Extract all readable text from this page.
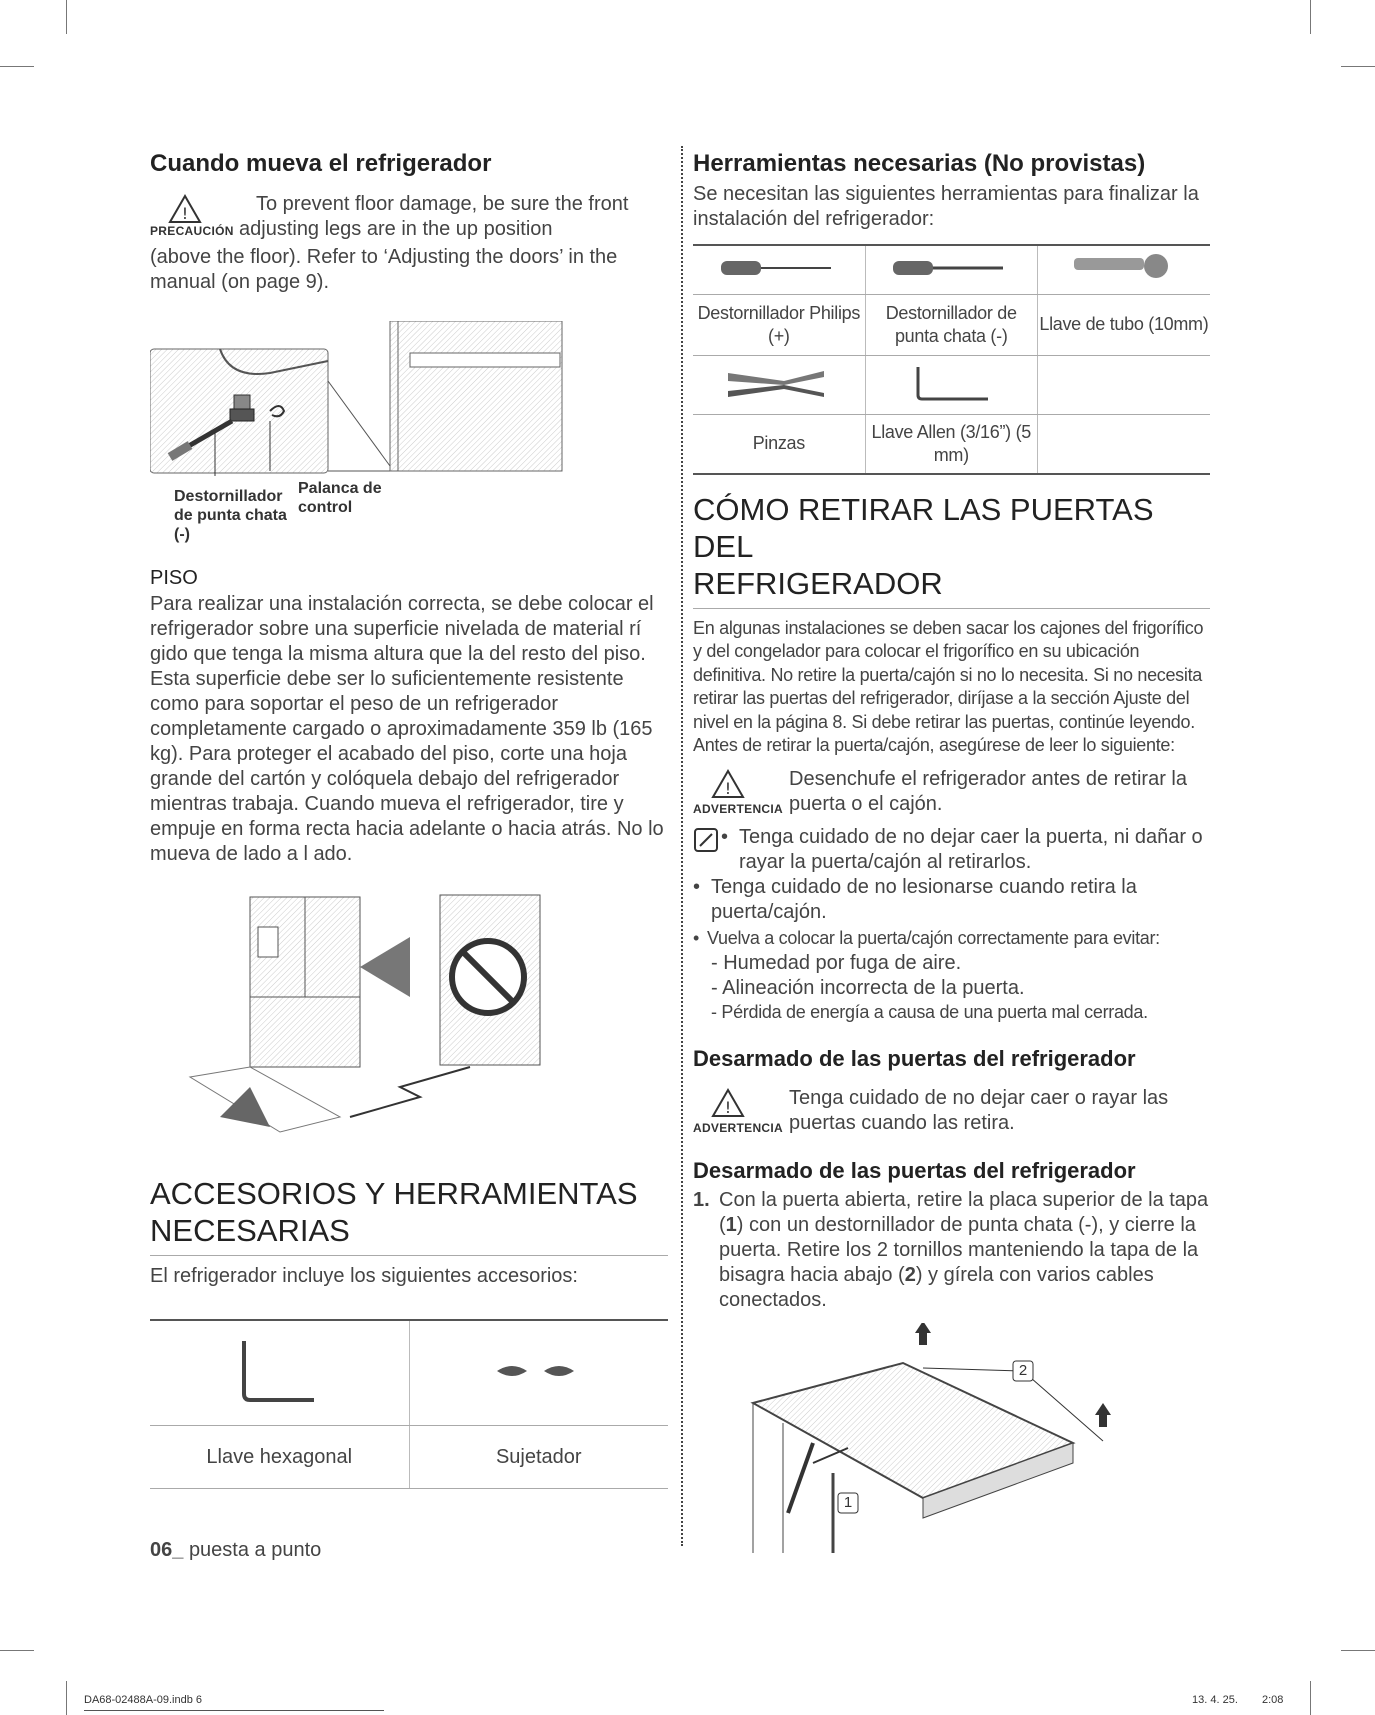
Cuando mueva el refrigerador
!
PRECAUCIÓN
To prevent floor damage, be sure the front
adjusting legs are in the up position
(above the floor). Refer to ‘Adjusting the doors’ in the manual (on page 9).
Destornillador de punta chata (-)
Palanca de control
PISO
Para realizar una instalación correcta, se debe colocar el refrigerador sobre una superficie nivelada de material rí gido que tenga la misma altura que la del resto del piso. Esta superficie debe ser lo suficientemente resistente como para soportar el peso de un refrigerador completamente cargado o aproximadamente 359 lb (165 kg). Para proteger el acabado del piso, corte una hoja grande del cartón y colóquela debajo del refrigerador mientras trabaja. Cuando mueva el refrigerador, tire y empuje en forma recta hacia adelante o hacia atrás. No lo mueva de lado a l ado.
ACCESORIOS Y HERRAMIENTAS
NECESARIAS
El refrigerador incluye los siguientes accesorios:

Llave hexagonal	Sujetador
06_ puesta a punto
Herramientas necesarias (No provistas)
Se necesitan las siguientes herramientas para finalizar la instalación del refrigerador:

Destornillador Philips (+)	Destornillador de punta chata (-)	Llave de tubo (10mm)

Pinzas	Llave Allen (3/16”) (5 mm)	
CÓMO RETIRAR LAS PUERTAS DEL
REFRIGERADOR
En algunas instalaciones se deben sacar los cajones del frigorífico y del congelador para colocar el frigorífico en su ubicación definitiva. No retire la puerta/cajón si no lo necesita. Si no necesita retirar las puertas del refrigerador, diríjase a la sección Ajuste del nivel en la página 8. Si debe retirar las puertas, continúe leyendo. Antes de retirar la puerta/cajón, asegúrese de leer lo siguiente:
!
ADVERTENCIA
Desenchufe el refrigerador antes de retirar la puerta o el cajón.
• Tenga cuidado de no dejar caer la puerta, ni dañar o rayar la puerta/cajón al retirarlos.
• Tenga cuidado de no lesionarse cuando retira la puerta/cajón.
• Vuelva a colocar la puerta/cajón correctamente para evitar:
- Humedad por fuga de aire.
- Alineación incorrecta de la puerta.
- Pérdida de energía a causa de una puerta mal cerrada.
Desarmado de las puertas del refrigerador
!
ADVERTENCIA
Tenga cuidado de no dejar caer o rayar las puertas cuando las retira.
Desarmado de las puertas del refrigerador
1. Con la puerta abierta, retire la placa superior de la tapa (1) con un destornillador de punta chata (-), y cierre la puerta. Retire los 2 tornillos manteniendo la tapa de la bisagra hacia abajo (2) y gírela con varios cables conectados.
2
1
DA68-02488A-09.indb 6	13. 4. 25. 2:08
